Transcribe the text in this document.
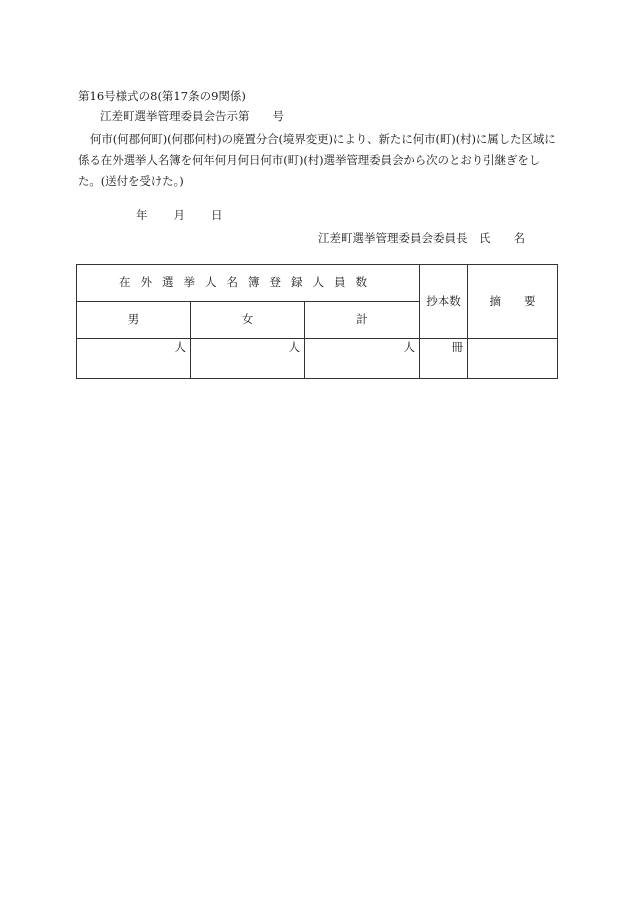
第16号様式の8(第17条の9関係)
江差町選挙管理委員会告示第　　号
何市(何郡何町)(何郡何村)の廃置分合(境界変更)により、新たに何市(町)(村)に属した区域に係る在外選挙人名簿を何年何月何日何市(町)(村)選挙管理委員会から次のとおり引継ぎをした。(送付を受けた。)
年　　月　　日
江差町選挙管理委員会委員長　氏　　名
在外選挙人名簿登録人員数			抄本数	摘　　要
男	女	計		
人	人	人	冊	
